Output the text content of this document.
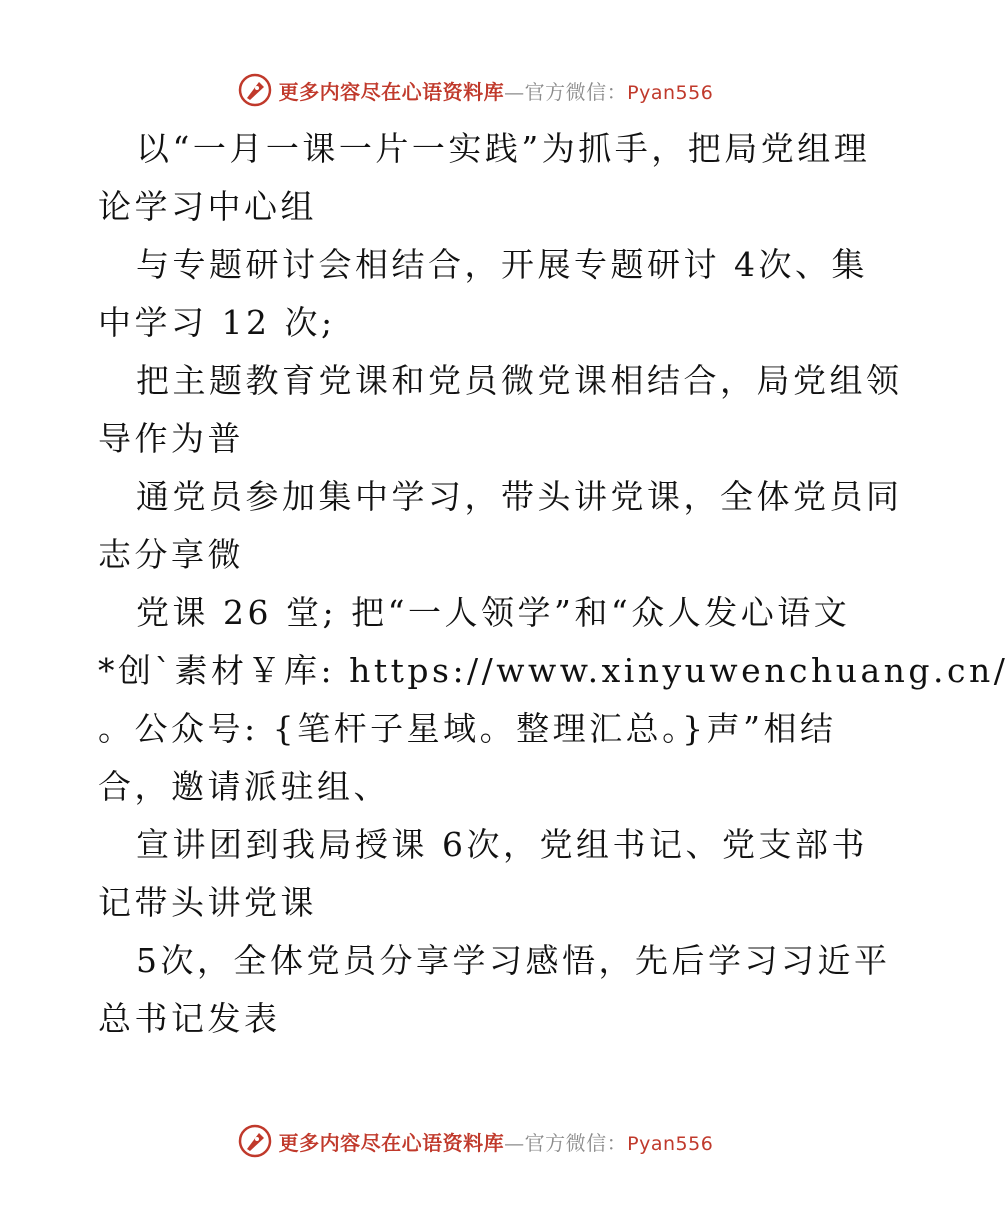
更多内容尽在心语资料库—官方微信：Pyan556
以“一月一课一片一实践”为抓手，把局党组理
论学习中心组
与专题研讨会相结合，开展专题研讨 4次、集
中学习 12 次;
把主题教育党课和党员微党课相结合，局党组领
导作为普
通党员参加集中学习，带头讲党课，全体党员同
志分享微
党课 26 堂; 把“一人领学”和“众人发心语文
*创`素材￥库: https://www.xinyuwenchuang.cn/
。公众号: {笔杆子星域。整理汇总。}声”相结
合，邀请派驻组、
宣讲团到我局授课 6次，党组书记、党支部书
记带头讲党课
5次，全体党员分享学习感悟，先后学习习近平
总书记发表
更多内容尽在心语资料库—官方微信：Pyan556
